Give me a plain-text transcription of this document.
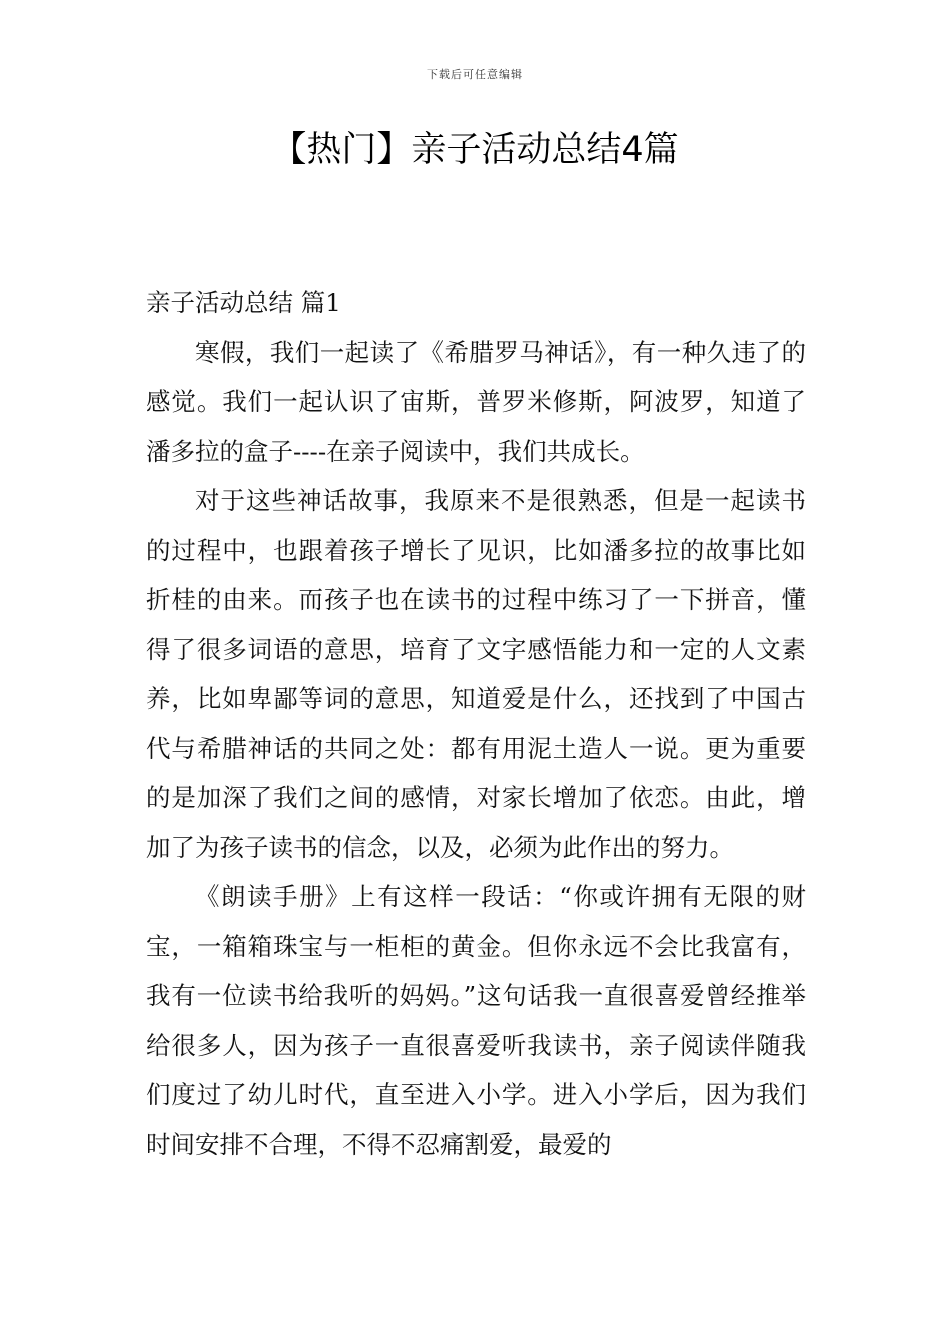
下载后可任意编辑
【热门】亲子活动总结4篇
亲子活动总结 篇1

寒假，我们一起读了《希腊罗马神话》，有一种久违了的感觉。我们一起认识了宙斯，普罗米修斯，阿波罗，知道了潘多拉的盒子----在亲子阅读中，我们共成长。

对于这些神话故事，我原来不是很熟悉，但是一起读书的过程中，也跟着孩子增长了见识，比如潘多拉的故事比如折桂的由来。而孩子也在读书的过程中练习了一下拼音，懂得了很多词语的意思，培育了文字感悟能力和一定的人文素养，比如卑鄙等词的意思，知道爱是什么，还找到了中国古代与希腊神话的共同之处：都有用泥土造人一说。更为重要的是加深了我们之间的感情，对家长增加了依恋。由此，增加了为孩子读书的信念，以及，必须为此作出的努力。

《朗读手册》上有这样一段话：“你或许拥有无限的财宝，一箱箱珠宝与一柜柜的黄金。但你永远不会比我富有，我有一位读书给我听的妈妈。”这句话我一直很喜爱曾经推举给很多人，因为孩子一直很喜爱听我读书，亲子阅读伴随我们度过了幼儿时代，直至进入小学。进入小学后，因为我们时间安排不合理，不得不忍痛割爱，最爱的
